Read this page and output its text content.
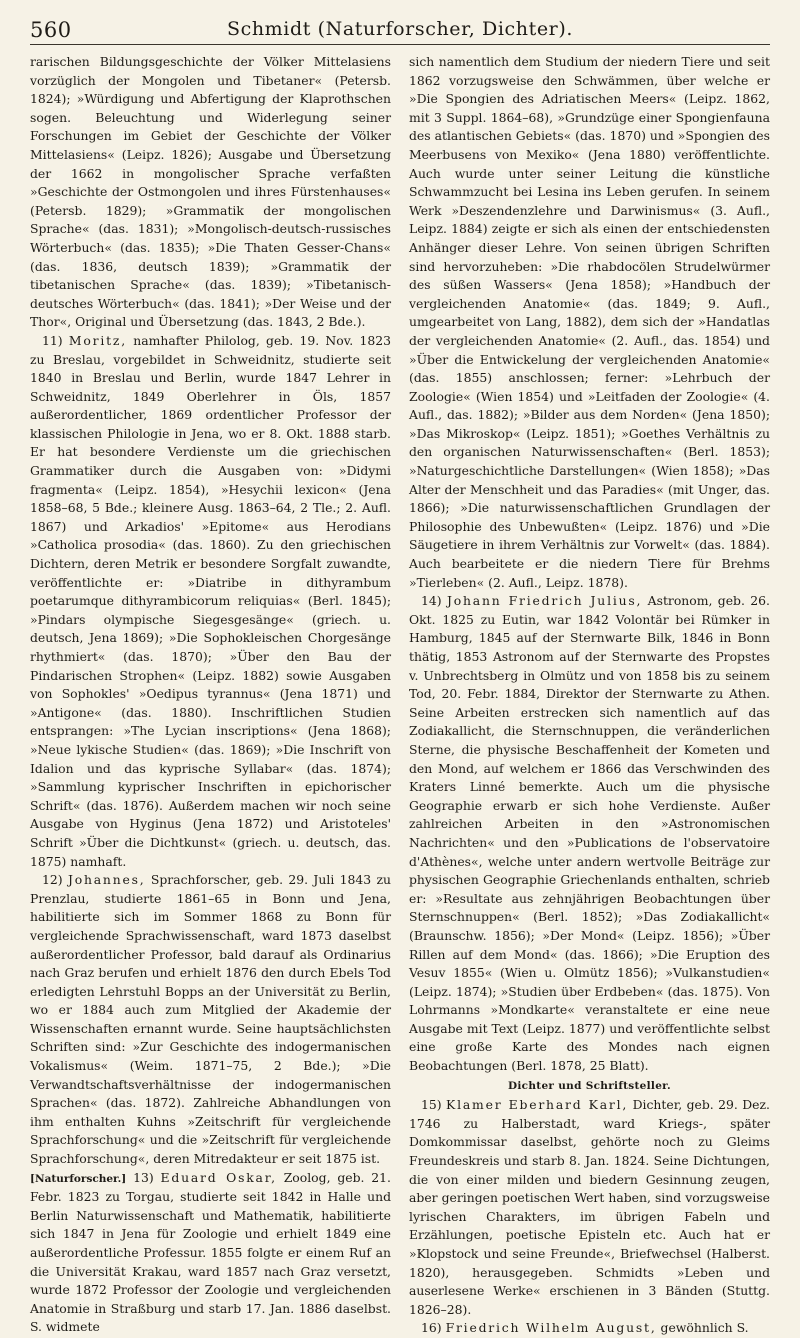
560	Schmidt (Naturforscher, Dichter).

rarischen Bildungsgeschichte der Völker Mittelasiens vorzüglich der Mongolen und Tibetaner« (Petersb. 1824); »Würdigung und Abfertigung der Klaprothschen sogen. Beleuchtung und Widerlegung seiner Forschungen im Gebiet der Geschichte der Völker Mittelasiens« (Leipz. 1826); Ausgabe und Übersetzung der 1662 in mongolischer Sprache verfaßten »Geschichte der Ostmongolen und ihres Fürstenhauses« (Petersb. 1829); »Grammatik der mongolischen Sprache« (das. 1831); »Mongolisch-deutsch-russisches Wörterbuch« (das. 1835); »Die Thaten Gesser-Chans« (das. 1836, deutsch 1839); »Grammatik der tibetanischen Sprache« (das. 1839); »Tibetanisch-deutsches Wörterbuch« (das. 1841); »Der Weise und der Thor«, Original und Übersetzung (das. 1843, 2 Bde.).

11) Moritz, namhafter Philolog, geb. 19. Nov. 1823 zu Breslau, vorgebildet in Schweidnitz, studierte seit 1840 in Breslau und Berlin, wurde 1847 Lehrer in Schweidnitz, 1849 Oberlehrer in Öls, 1857 außerordentlicher, 1869 ordentlicher Professor der klassischen Philologie in Jena, wo er 8. Okt. 1888 starb. Er hat besondere Verdienste um die griechischen Grammatiker durch die Ausgaben von: »Didymi fragmenta« (Leipz. 1854), »Hesychii lexicon« (Jena 1858–68, 5 Bde.; kleinere Ausg. 1863–64, 2 Tle.; 2. Aufl. 1867) und Arkadios' »Epitome« aus Herodians »Catholica prosodia« (das. 1860). Zu den griechischen Dichtern, deren Metrik er besondere Sorgfalt zuwandte, veröffentlichte er: »Diatribe in dithyrambum poetarumque dithyrambicorum reliquias« (Berl. 1845); »Pindars olympische Siegesgesänge« (griech. u. deutsch, Jena 1869); »Die Sophokleischen Chorgesänge rhythmiert« (das. 1870); »Über den Bau der Pindarischen Strophen« (Leipz. 1882) sowie Ausgaben von Sophokles' »Oedipus tyrannus« (Jena 1871) und »Antigone« (das. 1880). Inschriftlichen Studien entsprangen: »The Lycian inscriptions« (Jena 1868); »Neue lykische Studien« (das. 1869); »Die Inschrift von Idalion und das kyprische Syllabar« (das. 1874); »Sammlung kyprischer Inschriften in epichorischer Schrift« (das. 1876). Außerdem machen wir noch seine Ausgabe von Hyginus (Jena 1872) und Aristoteles' Schrift »Über die Dichtkunst« (griech. u. deutsch, das. 1875) namhaft.

12) Johannes, Sprachforscher, geb. 29. Juli 1843 zu Prenzlau, studierte 1861–65 in Bonn und Jena, habilitierte sich im Sommer 1868 zu Bonn für vergleichende Sprachwissenschaft, ward 1873 daselbst außerordentlicher Professor, bald darauf als Ordinarius nach Graz berufen und erhielt 1876 den durch Ebels Tod erledigten Lehrstuhl Bopps an der Universität zu Berlin, wo er 1884 auch zum Mitglied der Akademie der Wissenschaften ernannt wurde. Seine hauptsächlichsten Schriften sind: »Zur Geschichte des indogermanischen Vokalismus« (Weim. 1871–75, 2 Bde.); »Die Verwandtschaftsverhältnisse der indogermanischen Sprachen« (das. 1872). Zahlreiche Abhandlungen von ihm enthalten Kuhns »Zeitschrift für vergleichende Sprachforschung« und die »Zeitschrift für vergleichende Sprachforschung«, deren Mitredakteur er seit 1875 ist.

[Naturforscher.] 13) Eduard Oskar, Zoolog, geb. 21. Febr. 1823 zu Torgau, studierte seit 1842 in Halle und Berlin Naturwissenschaft und Mathematik, habilitierte sich 1847 in Jena für Zoologie und erhielt 1849 eine außerordentliche Professur. 1855 folgte er einem Ruf an die Universität Krakau, ward 1857 nach Graz versetzt, wurde 1872 Professor der Zoologie und vergleichenden Anatomie in Straßburg und starb 17. Jan. 1886 daselbst. S. widmete

sich namentlich dem Studium der niedern Tiere und seit 1862 vorzugsweise den Schwämmen, über welche er »Die Spongien des Adriatischen Meers« (Leipz. 1862, mit 3 Suppl. 1864–68), »Grundzüge einer Spongienfauna des atlantischen Gebiets« (das. 1870) und »Spongien des Meerbusens von Mexiko« (Jena 1880) veröffentlichte. Auch wurde unter seiner Leitung die künstliche Schwammzucht bei Lesina ins Leben gerufen. In seinem Werk »Deszendenzlehre und Darwinismus« (3. Aufl., Leipz. 1884) zeigte er sich als einen der entschiedensten Anhänger dieser Lehre. Von seinen übrigen Schriften sind hervorzuheben: »Die rhabdocölen Strudelwürmer des süßen Wassers« (Jena 1858); »Handbuch der vergleichenden Anatomie« (das. 1849; 9. Aufl., umgearbeitet von Lang, 1882), dem sich der »Handatlas der vergleichenden Anatomie« (2. Aufl., das. 1854) und »Über die Entwickelung der vergleichenden Anatomie« (das. 1855) anschlossen; ferner: »Lehrbuch der Zoologie« (Wien 1854) und »Leitfaden der Zoologie« (4. Aufl., das. 1882); »Bilder aus dem Norden« (Jena 1850); »Das Mikroskop« (Leipz. 1851); »Goethes Verhältnis zu den organischen Naturwissenschaften« (Berl. 1853); »Naturgeschichtliche Darstellungen« (Wien 1858); »Das Alter der Menschheit und das Paradies« (mit Unger, das. 1866); »Die naturwissenschaftlichen Grundlagen der Philosophie des Unbewußten« (Leipz. 1876) und »Die Säugetiere in ihrem Verhältnis zur Vorwelt« (das. 1884). Auch bearbeitete er die niedern Tiere für Brehms »Tierleben« (2. Aufl., Leipz. 1878).

14) Johann Friedrich Julius, Astronom, geb. 26. Okt. 1825 zu Eutin, war 1842 Volontär bei Rümker in Hamburg, 1845 auf der Sternwarte Bilk, 1846 in Bonn thätig, 1853 Astronom auf der Sternwarte des Propstes v. Unbrechtsberg in Olmütz und von 1858 bis zu seinem Tod, 20. Febr. 1884, Direktor der Sternwarte zu Athen. Seine Arbeiten erstrecken sich namentlich auf das Zodiakallicht, die Sternschnuppen, die veränderlichen Sterne, die physische Beschaffenheit der Kometen und den Mond, auf welchem er 1866 das Verschwinden des Kraters Linné bemerkte. Auch um die physische Geographie erwarb er sich hohe Verdienste. Außer zahlreichen Arbeiten in den »Astronomischen Nachrichten« und den »Publications de l'observatoire d'Athènes«, welche unter andern wertvolle Beiträge zur physischen Geographie Griechenlands enthalten, schrieb er: »Resultate aus zehnjährigen Beobachtungen über Sternschnuppen« (Berl. 1852); »Das Zodiakallicht« (Braunschw. 1856); »Der Mond« (Leipz. 1856); »Über Rillen auf dem Mond« (das. 1866); »Die Eruption des Vesuv 1855« (Wien u. Olmütz 1856); »Vulkanstudien« (Leipz. 1874); »Studien über Erdbeben« (das. 1875). Von Lohrmanns »Mondkarte« veranstaltete er eine neue Ausgabe mit Text (Leipz. 1877) und veröffentlichte selbst eine große Karte des Mondes nach eignen Beobachtungen (Berl. 1878, 25 Blatt).

Dichter und Schriftsteller.

15) Klamer Eberhard Karl, Dichter, geb. 29. Dez. 1746 zu Halberstadt, ward Kriegs-, später Domkommissar daselbst, gehörte noch zu Gleims Freundeskreis und starb 8. Jan. 1824. Seine Dichtungen, die von einer milden und biedern Gesinnung zeugen, aber geringen poetischen Wert haben, sind vorzugsweise lyrischen Charakters, im übrigen Fabeln und Erzählungen, poetische Episteln etc. Auch hat er »Klopstock und seine Freunde«, Briefwechsel (Halberst. 1820), herausgegeben. Schmidts »Leben und auserlesene Werke« erschienen in 3 Bänden (Stuttg. 1826–28).

16) Friedrich Wilhelm August, gewöhnlich S.
